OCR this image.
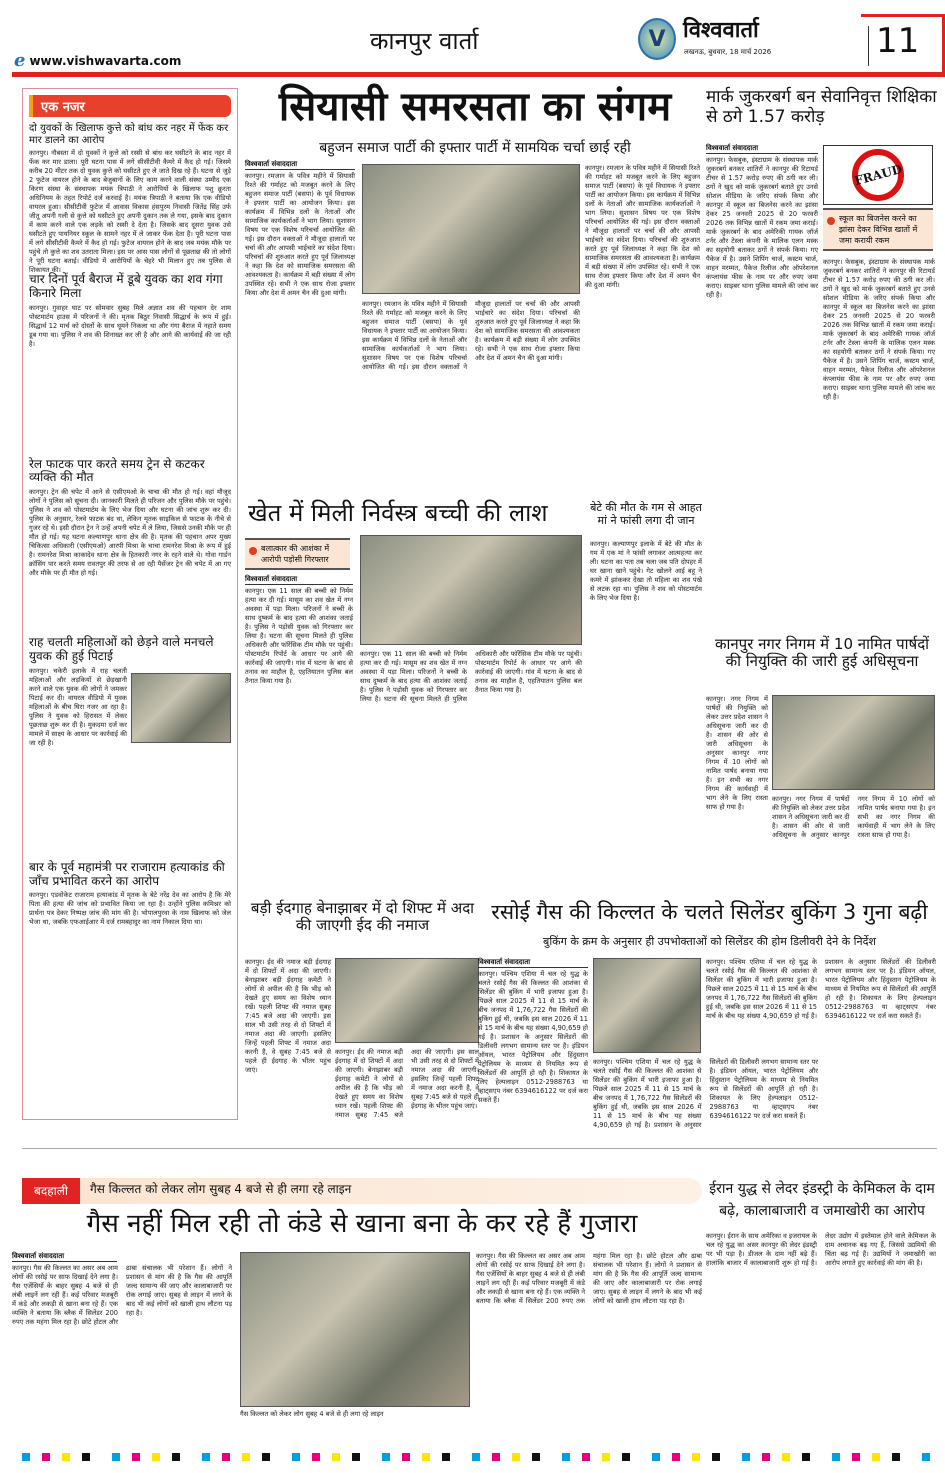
e www.vishwavarta.com
कानपुर वार्ता	V विश्ववार्ता
लखनऊ, बुधवार, 18 मार्च 2026	11
एक नजर
दो युवकों के खिलाफ कुत्ते को बांध कर नहर में फेंक कर मार डालने का आरोप
कानपुर। नौबस्ता में दो युवकों ने कुत्ते को रस्सी से बांध कर घसीटने के बाद नहर में फेंक कर मार डाला। पूरी घटना पास में लगे सीसीटीवी कैमरे में कैद हो गई। जिसमे करीब 20 मीटर तक दो युवक कुत्ते को घसीटते हुए ले जाते दिख रहे हैं। घटना से जुड़े 2 फुटेज वायरल होने के बाद बेजुबानों के लिए काम करने वाली संस्था उम्मीद एक किरण संस्था के संस्थापक मयंक त्रिपाठी ने आरोपियों के खिलाफ पशु क्रूरता अधिनियम के तहत रिपोर्ट दर्ज करवाई है। मयंक त्रिपाठी ने बताया कि एक वीडियो वायरल हुआ। सीसीटीवी फुटेज में आवास विकास हंसपुरम निवासी जितेंद्र सिंह उर्फ जीतू अपनी गली से कुत्ते को घसीटते हुए अपनी दुकान तक ले गया, इसके बाद दुकान में काम करने वाले एक लड़के को रस्सी दे देता है। जिसके बाद दूसरा युवक उसे घसीटते हुए पायनियर स्कूल के सामने नहर में ले जाकर फेंक देता है। पूरी घटना पास में लगे सीसीटीवी कैमरे में कैद हो गई। फुटेज वायरल होने के बाद जब मयंक मौके पर पहुंचे तो कुत्ते का शव उतराता मिला। इस पर आस पास लोगों से पूछताछ की तो लोगों ने पूरी घटना बताई। वीडियो में आरोपियों के चेहरे भी मिलान हुए तब पुलिस से शिकायत की।
चार दिनों पूर्व बैराज में डूबे युवक का शव गंगा किनारे मिला
कानपुर। गुवाहर घाट पर सोमवार सुबह मिले अज्ञात शव की पहचान देर शाम पोस्टमार्टम हाउस में परिजनों ने की। मृतक बिठूर निवासी सिद्धार्थ के रूप में हुई। सिद्धार्थ 12 मार्च को दोस्तों के साथ घूमने निकला था और गंगा बैराज में नहाते समय डूब गया था। पुलिस ने शव की शिनाख्त कर ली है और आगे की कार्यवाई की जा रही है।
रेल फाटक पार करते समय ट्रेन से कटकर व्यक्ति की मौत
कानपुर। ट्रेन की चपेट में आने से एसीएमओ के चाचा की मौत हो गई। वहां मौजूद लोगों ने पुलिस को सूचना दी। जानकारी मिलते ही परिजन और पुलिस मौके पर पहुंचे। पुलिस ने शव को पोस्टमार्टम के लिए भेज दिया और घटना की जांच शुरू कर दी। पुलिस के अनुसार, रेलवे फाटक बंद था, लेकिन मृतक साइकिल से फाटक के नीचे से गुजर रहे थे। इसी दौरान ट्रेन ने उन्हें अपनी चपेट में ले लिया, जिससे उनकी मौके पर ही मौत हो गई। यह घटना कल्याणपुर थाना क्षेत्र की है। मृतक की पहचान अपर मुख्य चिकित्सा अधिकारी (एसीएमओ) आरपी मिश्रा के चाचा रामनरेश मिश्रा के रूप में हुई है। रामनरेश मिश्रा काकादेव थाना क्षेत्र के हितकारी नगर के रहने वाले थे। गोवा गार्डन क्रॉसिंग पार करते समय रावतपुर की तरफ से आ रही पैसेंजर ट्रेन की चपेट में आ गए और मौके पर ही मौत हो गई।
राह चलती महिलाओं को छेड़ने वाले मनचले युवक की हुई पिटाई
कानपुर। चकेरी इलाके में राह चलती महिलाओं और लड़कियों से छेड़खानी करने वाले एक युवक की लोगों ने जमकर पिटाई कर दी। वायरल वीडियो में युवक महिलाओं के बीच घिरा नजर आ रहा है। पुलिस ने युवक को हिरासत में लेकर पूछताछ शुरू कर दी है। मुकदमा दर्ज कर मामले में साक्ष्य के आधार पर कार्रवाई की जा रही है।
बार के पूर्व महामंत्री पर राजाराम हत्याकांड की जाँच प्रभावित करने का आरोप
कानपुर। एडवोकेट राजाराम हत्याकांड में मृतक के बेटे नरेंद्र देव का आरोप है कि मेरे पिता की हत्या की जांच को प्रभावित किया जा रहा है। उन्होंने पुलिस कमिश्नर को प्रार्थना पत्र देकर निष्पक्ष जांच की मांग की है। भोपालपुरवा के नाम खिलाफ को जेल भेजा था, जबकि एफआईआर में दर्ज रामबहादुर का नाम निकाल दिया था।
सियासी समरसता का संगम
बहुजन समाज पार्टी की इफ्तार पार्टी में सामयिक चर्चा छाई रही
विश्ववार्ता संवाददाता
कानपुर। रमजान के पवित्र महीने में सियासी रिश्ते की गर्माहट को मजबूत करने के लिए बहुजन समाज पार्टी (बसपा) के पूर्व विधायक ने इफ्तार पार्टी का आयोजन किया। इस कार्यक्रम में विभिन्न दलों के नेताओं और सामाजिक कार्यकर्ताओं ने भाग लिया। सुशासन विषय पर एक विशेष परिचर्चा आयोजित की गई। इस दौरान वक्ताओं ने मौजूदा हालातों पर चर्चा की और आपसी भाईचारे का संदेश दिया। परिचर्चा की शुरुआत करते हुए पूर्व जिलाध्यक्ष ने कहा कि देश को सामाजिक समरसता की आवश्यकता है। कार्यक्रम में बड़ी संख्या में लोग उपस्थित रहे। सभी ने एक साथ रोजा इफ्तार किया और देश में अमन चैन की दुआ मांगी।
कानपुर। रमजान के पवित्र महीने में सियासी रिश्ते की गर्माहट को मजबूत करने के लिए बहुजन समाज पार्टी (बसपा) के पूर्व विधायक ने इफ्तार पार्टी का आयोजन किया। इस कार्यक्रम में विभिन्न दलों के नेताओं और सामाजिक कार्यकर्ताओं ने भाग लिया। सुशासन विषय पर एक विशेष परिचर्चा आयोजित की गई। इस दौरान वक्ताओं ने मौजूदा हालातों पर चर्चा की और आपसी भाईचारे का संदेश दिया। परिचर्चा की शुरुआत करते हुए पूर्व जिलाध्यक्ष ने कहा कि देश को सामाजिक समरसता की आवश्यकता है। कार्यक्रम में बड़ी संख्या में लोग उपस्थित रहे। सभी ने एक साथ रोजा इफ्तार किया और देश में अमन चैन की दुआ मांगी।
कानपुर। रमजान के पवित्र महीने में सियासी रिश्ते की गर्माहट को मजबूत करने के लिए बहुजन समाज पार्टी (बसपा) के पूर्व विधायक ने इफ्तार पार्टी का आयोजन किया। इस कार्यक्रम में विभिन्न दलों के नेताओं और सामाजिक कार्यकर्ताओं ने भाग लिया। सुशासन विषय पर एक विशेष परिचर्चा आयोजित की गई। इस दौरान वक्ताओं ने मौजूदा हालातों पर चर्चा की और आपसी भाईचारे का संदेश दिया। परिचर्चा की शुरुआत करते हुए पूर्व जिलाध्यक्ष ने कहा कि देश को सामाजिक समरसता की आवश्यकता है। कार्यक्रम में बड़ी संख्या में लोग उपस्थित रहे। सभी ने एक साथ रोजा इफ्तार किया और देश में अमन चैन की दुआ मांगी।
खेत में मिली निर्वस्त्र बच्ची की लाश
बलात्कार की आशंका में आरोपी पड़ोसी गिरफ्तार
विश्ववार्ता संवाददाता
कानपुर। एक 11 साल की बच्ची को निर्मम हत्या कर दी गई। मासूम का शव खेत में नग्न अवस्था में पड़ा मिला। परिजनों ने बच्ची के साथ दुष्कर्म के बाद हत्या की आशंका जताई है। पुलिस ने पड़ोसी युवक को गिरफ्तार कर लिया है। घटना की सूचना मिलते ही पुलिस अधिकारी और फॉरेंसिक टीम मौके पर पहुंची। पोस्टमार्टम रिपोर्ट के आधार पर आगे की कार्रवाई की जाएगी। गांव में घटना के बाद से तनाव का माहौल है, एहतियातन पुलिस बल तैनात किया गया है।
कानपुर। एक 11 साल की बच्ची को निर्मम हत्या कर दी गई। मासूम का शव खेत में नग्न अवस्था में पड़ा मिला। परिजनों ने बच्ची के साथ दुष्कर्म के बाद हत्या की आशंका जताई है। पुलिस ने पड़ोसी युवक को गिरफ्तार कर लिया है। घटना की सूचना मिलते ही पुलिस अधिकारी और फॉरेंसिक टीम मौके पर पहुंची। पोस्टमार्टम रिपोर्ट के आधार पर आगे की कार्रवाई की जाएगी। गांव में घटना के बाद से तनाव का माहौल है, एहतियातन पुलिस बल तैनात किया गया है।
बेटे की मौत के गम से आहत मां ने फांसी लगा दी जान
कानपुर। कल्याणपुर इलाके में बेटे की मौत के गम में एक मां ने फांसी लगाकर आत्महत्या कर ली। घटना का पता तब चला जब पति दोपहर में घर खाना खाने पहुंचे। गेट खोलने आई बहू ने कमरे में झांककर देखा तो महिला का शव पंखे से लटक रहा था। पुलिस ने शव को पोस्टमार्टम के लिए भेज दिया है।
मार्क जुकरबर्ग बन सेवानिवृत्त शिक्षिका से ठगे 1.57 करोड़
विश्ववार्ता संवाददाता
कानपुर। फेसबुक, इंस्टाग्राम के संस्थापक मार्क जुकरबर्ग बनकर शातिरों ने कानपुर की रिटायर्ड टीचर से 1.57 करोड़ रुपए की ठगी कर ली। ठगों ने खुद को मार्क जुकरबर्ग बताते हुए उनसे सोशल मीडिया के जरिए संपर्क किया और कानपुर में स्कूल का बिजनेस करने का झांसा देकर 25 जनवरी 2025 से 20 फरवरी 2026 तक विभिन्न खातों में रकम जमा कराई। मार्क जुकरबर्ग के बाद अमेरिकी गायक जॉर्ज टर्नर और टेस्ला कंपनी के मालिक एलन मस्क का सहयोगी बताकर ठगों ने संपर्क किया। गए पैकेज में है। उसने शिपिंग चार्ज, कस्टम चार्ज, वाहन मरम्मत, पैकेज रिलीज और ऑपरेशनल कंप्लायंस फीस के नाम पर और रुपए जमा कराए। साइबर थाना पुलिस मामले की जांच कर रही है।
FRAUD
स्कूल का बिजनेस करने का झांसा देकर विभिन्न खातों में जमा करायी रकम
कानपुर। फेसबुक, इंस्टाग्राम के संस्थापक मार्क जुकरबर्ग बनकर शातिरों ने कानपुर की रिटायर्ड टीचर से 1.57 करोड़ रुपए की ठगी कर ली। ठगों ने खुद को मार्क जुकरबर्ग बताते हुए उनसे सोशल मीडिया के जरिए संपर्क किया और कानपुर में स्कूल का बिजनेस करने का झांसा देकर 25 जनवरी 2025 से 20 फरवरी 2026 तक विभिन्न खातों में रकम जमा कराई। मार्क जुकरबर्ग के बाद अमेरिकी गायक जॉर्ज टर्नर और टेस्ला कंपनी के मालिक एलन मस्क का सहयोगी बताकर ठगों ने संपर्क किया। गए पैकेज में है। उसने शिपिंग चार्ज, कस्टम चार्ज, वाहन मरम्मत, पैकेज रिलीज और ऑपरेशनल कंप्लायंस फीस के नाम पर और रुपए जमा कराए। साइबर थाना पुलिस मामले की जांच कर रही है।
कानपुर नगर निगम में 10 नामित पार्षदों की नियुक्ति की जारी हुई अधिसूचना
कानपुर। नगर निगम में पार्षदों की नियुक्ति को लेकर उत्तर प्रदेश शासन ने अधिसूचना जारी कर दी है। शासन की ओर से जारी अधिसूचना के अनुसार कानपुर नगर निगम में 10 लोगों को नामित पार्षद बनाया गया है। इन सभी का नगर निगम की कार्यवाही में भाग लेने के लिए रास्ता साफ हो गया है।
कानपुर। नगर निगम में पार्षदों की नियुक्ति को लेकर उत्तर प्रदेश शासन ने अधिसूचना जारी कर दी है। शासन की ओर से जारी अधिसूचना के अनुसार कानपुर नगर निगम में 10 लोगों को नामित पार्षद बनाया गया है। इन सभी का नगर निगम की कार्यवाही में भाग लेने के लिए रास्ता साफ हो गया है।
बड़ी ईदगाह बेनाझाबर में दो शिफ्ट में अदा की जाएगी ईद की नमाज
कानपुर। ईद की नमाज बड़ी ईदगाह में दो शिफ्टों में अदा की जाएगी। बेनाझाबर बड़ी ईदगाह कमेटी ने लोगों से अपील की है कि भीड़ को देखते हुए समय का विशेष ध्यान रखें। पहली शिफ्ट की नमाज सुबह 7:45 बजे अदा की जाएगी। इस साल भी उसी तरह से दो शिफ्टों में नमाज अदा की जाएगी। इसलिए जिन्हें पहली शिफ्ट में नमाज अदा करनी है, वे सुबह 7:45 बजे से पहले ही ईदगाह के भीतर पहुंच जाएं।
कानपुर। ईद की नमाज बड़ी ईदगाह में दो शिफ्टों में अदा की जाएगी। बेनाझाबर बड़ी ईदगाह कमेटी ने लोगों से अपील की है कि भीड़ को देखते हुए समय का विशेष ध्यान रखें। पहली शिफ्ट की नमाज सुबह 7:45 बजे अदा की जाएगी। इस साल भी उसी तरह से दो शिफ्टों में नमाज अदा की जाएगी। इसलिए जिन्हें पहली शिफ्ट में नमाज अदा करनी है, वे सुबह 7:45 बजे से पहले ही ईदगाह के भीतर पहुंच जाएं।
रसोई गैस की किल्लत के चलते सिलेंडर बुकिंग 3 गुना बढ़ी
बुकिंग के क्रम के अनुसार ही उपभोक्ताओं को सिलेंडर की होम डिलीवरी देने के निर्देश
विश्ववार्ता संवाददाता
कानपुर। पश्चिम एशिया में चल रहे युद्ध के चलते रसोई गैस की किल्लत की आशंका से सिलेंडर की बुकिंग में भारी इजाफा हुआ है। पिछले साल 2025 में 11 से 15 मार्च के बीच जनपद में 1,76,722 गैस सिलेंडरों की बुकिंग हुई थी, जबकि इस साल 2026 में 11 से 15 मार्च के बीच यह संख्या 4,90,659 हो गई है। प्रशासन के अनुसार सिलेंडरों की डिलीवरी लगभग सामान्य स्तर पर है। इंडियन ऑयल, भारत पेट्रोलियम और हिंदुस्तान पेट्रोलियम के माध्यम से नियमित रूप से सिलेंडरों की आपूर्ति हो रही है। शिकायत के लिए हेल्पलाइन 0512-2988763 या व्हाट्सएप नंबर 6394616122 पर दर्ज करा सकते हैं।
कानपुर। पश्चिम एशिया में चल रहे युद्ध के चलते रसोई गैस की किल्लत की आशंका से सिलेंडर की बुकिंग में भारी इजाफा हुआ है। पिछले साल 2025 में 11 से 15 मार्च के बीच जनपद में 1,76,722 गैस सिलेंडरों की बुकिंग हुई थी, जबकि इस साल 2026 में 11 से 15 मार्च के बीच यह संख्या 4,90,659 हो गई है। प्रशासन के अनुसार सिलेंडरों की डिलीवरी लगभग सामान्य स्तर पर है। इंडियन ऑयल, भारत पेट्रोलियम और हिंदुस्तान पेट्रोलियम के माध्यम से नियमित रूप से सिलेंडरों की आपूर्ति हो रही है। शिकायत के लिए हेल्पलाइन 0512-2988763 या व्हाट्सएप नंबर 6394616122 पर दर्ज करा सकते हैं।
कानपुर। पश्चिम एशिया में चल रहे युद्ध के चलते रसोई गैस की किल्लत की आशंका से सिलेंडर की बुकिंग में भारी इजाफा हुआ है। पिछले साल 2025 में 11 से 15 मार्च के बीच जनपद में 1,76,722 गैस सिलेंडरों की बुकिंग हुई थी, जबकि इस साल 2026 में 11 से 15 मार्च के बीच यह संख्या 4,90,659 हो गई है। प्रशासन के अनुसार सिलेंडरों की डिलीवरी लगभग सामान्य स्तर पर है। इंडियन ऑयल, भारत पेट्रोलियम और हिंदुस्तान पेट्रोलियम के माध्यम से नियमित रूप से सिलेंडरों की आपूर्ति हो रही है। शिकायत के लिए हेल्पलाइन 0512-2988763 या व्हाट्सएप नंबर 6394616122 पर दर्ज करा सकते हैं।
बदहाली	गैस किल्लत को लेकर लोग सुबह 4 बजे से ही लगा रहे लाइन
गैस नहीं मिल रही तो कंडे से खाना बना के कर रहे हैं गुजारा
विश्ववार्ता संवाददाता
कानपुर। गैस की किल्लत का असर अब आम लोगों की रसोई पर साफ दिखाई देने लगा है। गैस एजेंसियों के बाहर सुबह 4 बजे से ही लंबी लाइनें लग रही हैं। कई परिवार मजबूरी में कंडे और लकड़ी से खाना बना रहे हैं। एक व्यक्ति ने बताया कि ब्लैक में सिलेंडर 200 रुपए तक महंगा मिल रहा है। छोटे होटल और ढाबा संचालक भी परेशान हैं। लोगों ने प्रशासन से मांग की है कि गैस की आपूर्ति जल्द सामान्य की जाए और कालाबाजारी पर रोक लगाई जाए। सुबह से लाइन में लगने के बाद भी कई लोगों को खाली हाथ लौटना पड़ रहा है।
गैस किल्लत को लेकर लोग सुबह 4 बजे से ही लगा रहे लाइन
कानपुर। गैस की किल्लत का असर अब आम लोगों की रसोई पर साफ दिखाई देने लगा है। गैस एजेंसियों के बाहर सुबह 4 बजे से ही लंबी लाइनें लग रही हैं। कई परिवार मजबूरी में कंडे और लकड़ी से खाना बना रहे हैं। एक व्यक्ति ने बताया कि ब्लैक में सिलेंडर 200 रुपए तक महंगा मिल रहा है। छोटे होटल और ढाबा संचालक भी परेशान हैं। लोगों ने प्रशासन से मांग की है कि गैस की आपूर्ति जल्द सामान्य की जाए और कालाबाजारी पर रोक लगाई जाए। सुबह से लाइन में लगने के बाद भी कई लोगों को खाली हाथ लौटना पड़ रहा है।
ईरान युद्ध से लेदर इंडस्ट्री के केमिकल के दाम बढ़े, कालाबाजारी व जमाखोरी का आरोप
कानपुर। ईरान के साथ अमेरिका व इजरायल के चल रहे युद्ध का असर कानपुर की लेदर इंडस्ट्री पर भी पड़ा है। डीजल के दाम नहीं बढ़े हैं। हालांकि बाजार में कालाबाजारी शुरू हो गई है। लेदर उद्योग में इस्तेमाल होने वाले केमिकल के दाम अचानक बढ़ गए हैं, जिससे उद्यमियों की चिंता बढ़ गई है। उद्यमियों ने जमाखोरी का आरोप लगाते हुए कार्रवाई की मांग की है।
